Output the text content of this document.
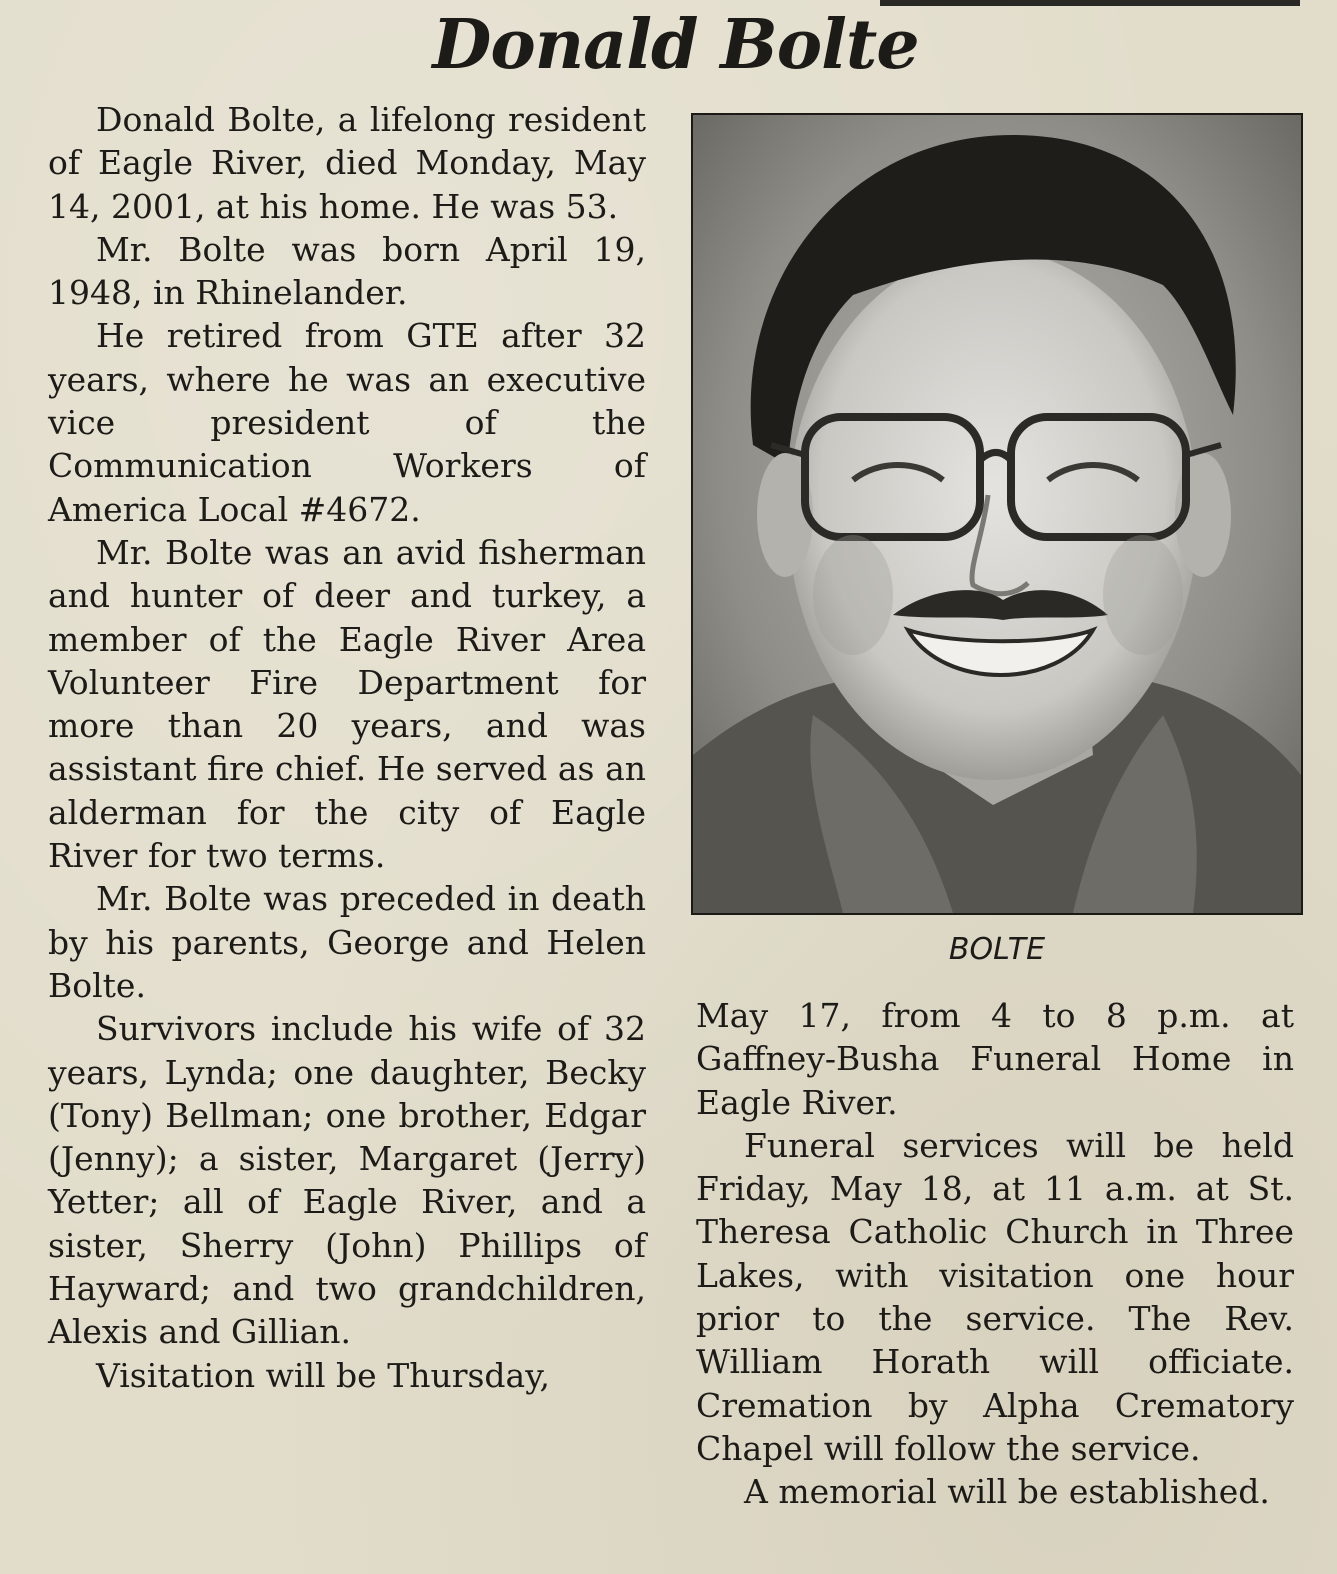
Donald Bolte

Donald Bolte, a lifelong resident of Eagle River, died Monday, May 14, 2001, at his home. He was 53.

Mr. Bolte was born April 19, 1948, in Rhinelander.

He retired from GTE after 32 years, where he was an executive vice president of the Communication Workers of America Local #4672.

Mr. Bolte was an avid fisherman and hunter of deer and turkey, a member of the Eagle River Area Volunteer Fire Department for more than 20 years, and was assistant fire chief. He served as an alderman for the city of Eagle River for two terms.

Mr. Bolte was preceded in death by his parents, George and Helen Bolte.

Survivors include his wife of 32 years, Lynda; one daughter, Becky (Tony) Bellman; one brother, Edgar (Jenny); a sister, Margaret (Jerry) Yetter; all of Eagle River, and a sister, Sherry (John) Phillips of Hayward; and two grandchildren, Alexis and Gillian.

Visitation will be Thursday,

BOLTE

May 17, from 4 to 8 p.m. at Gaffney-Busha Funeral Home in Eagle River.

Funeral services will be held Friday, May 18, at 11 a.m. at St. Theresa Catholic Church in Three Lakes, with visitation one hour prior to the service. The Rev. William Horath will officiate. Cremation by Alpha Crematory Chapel will follow the service.

A memorial will be established.
